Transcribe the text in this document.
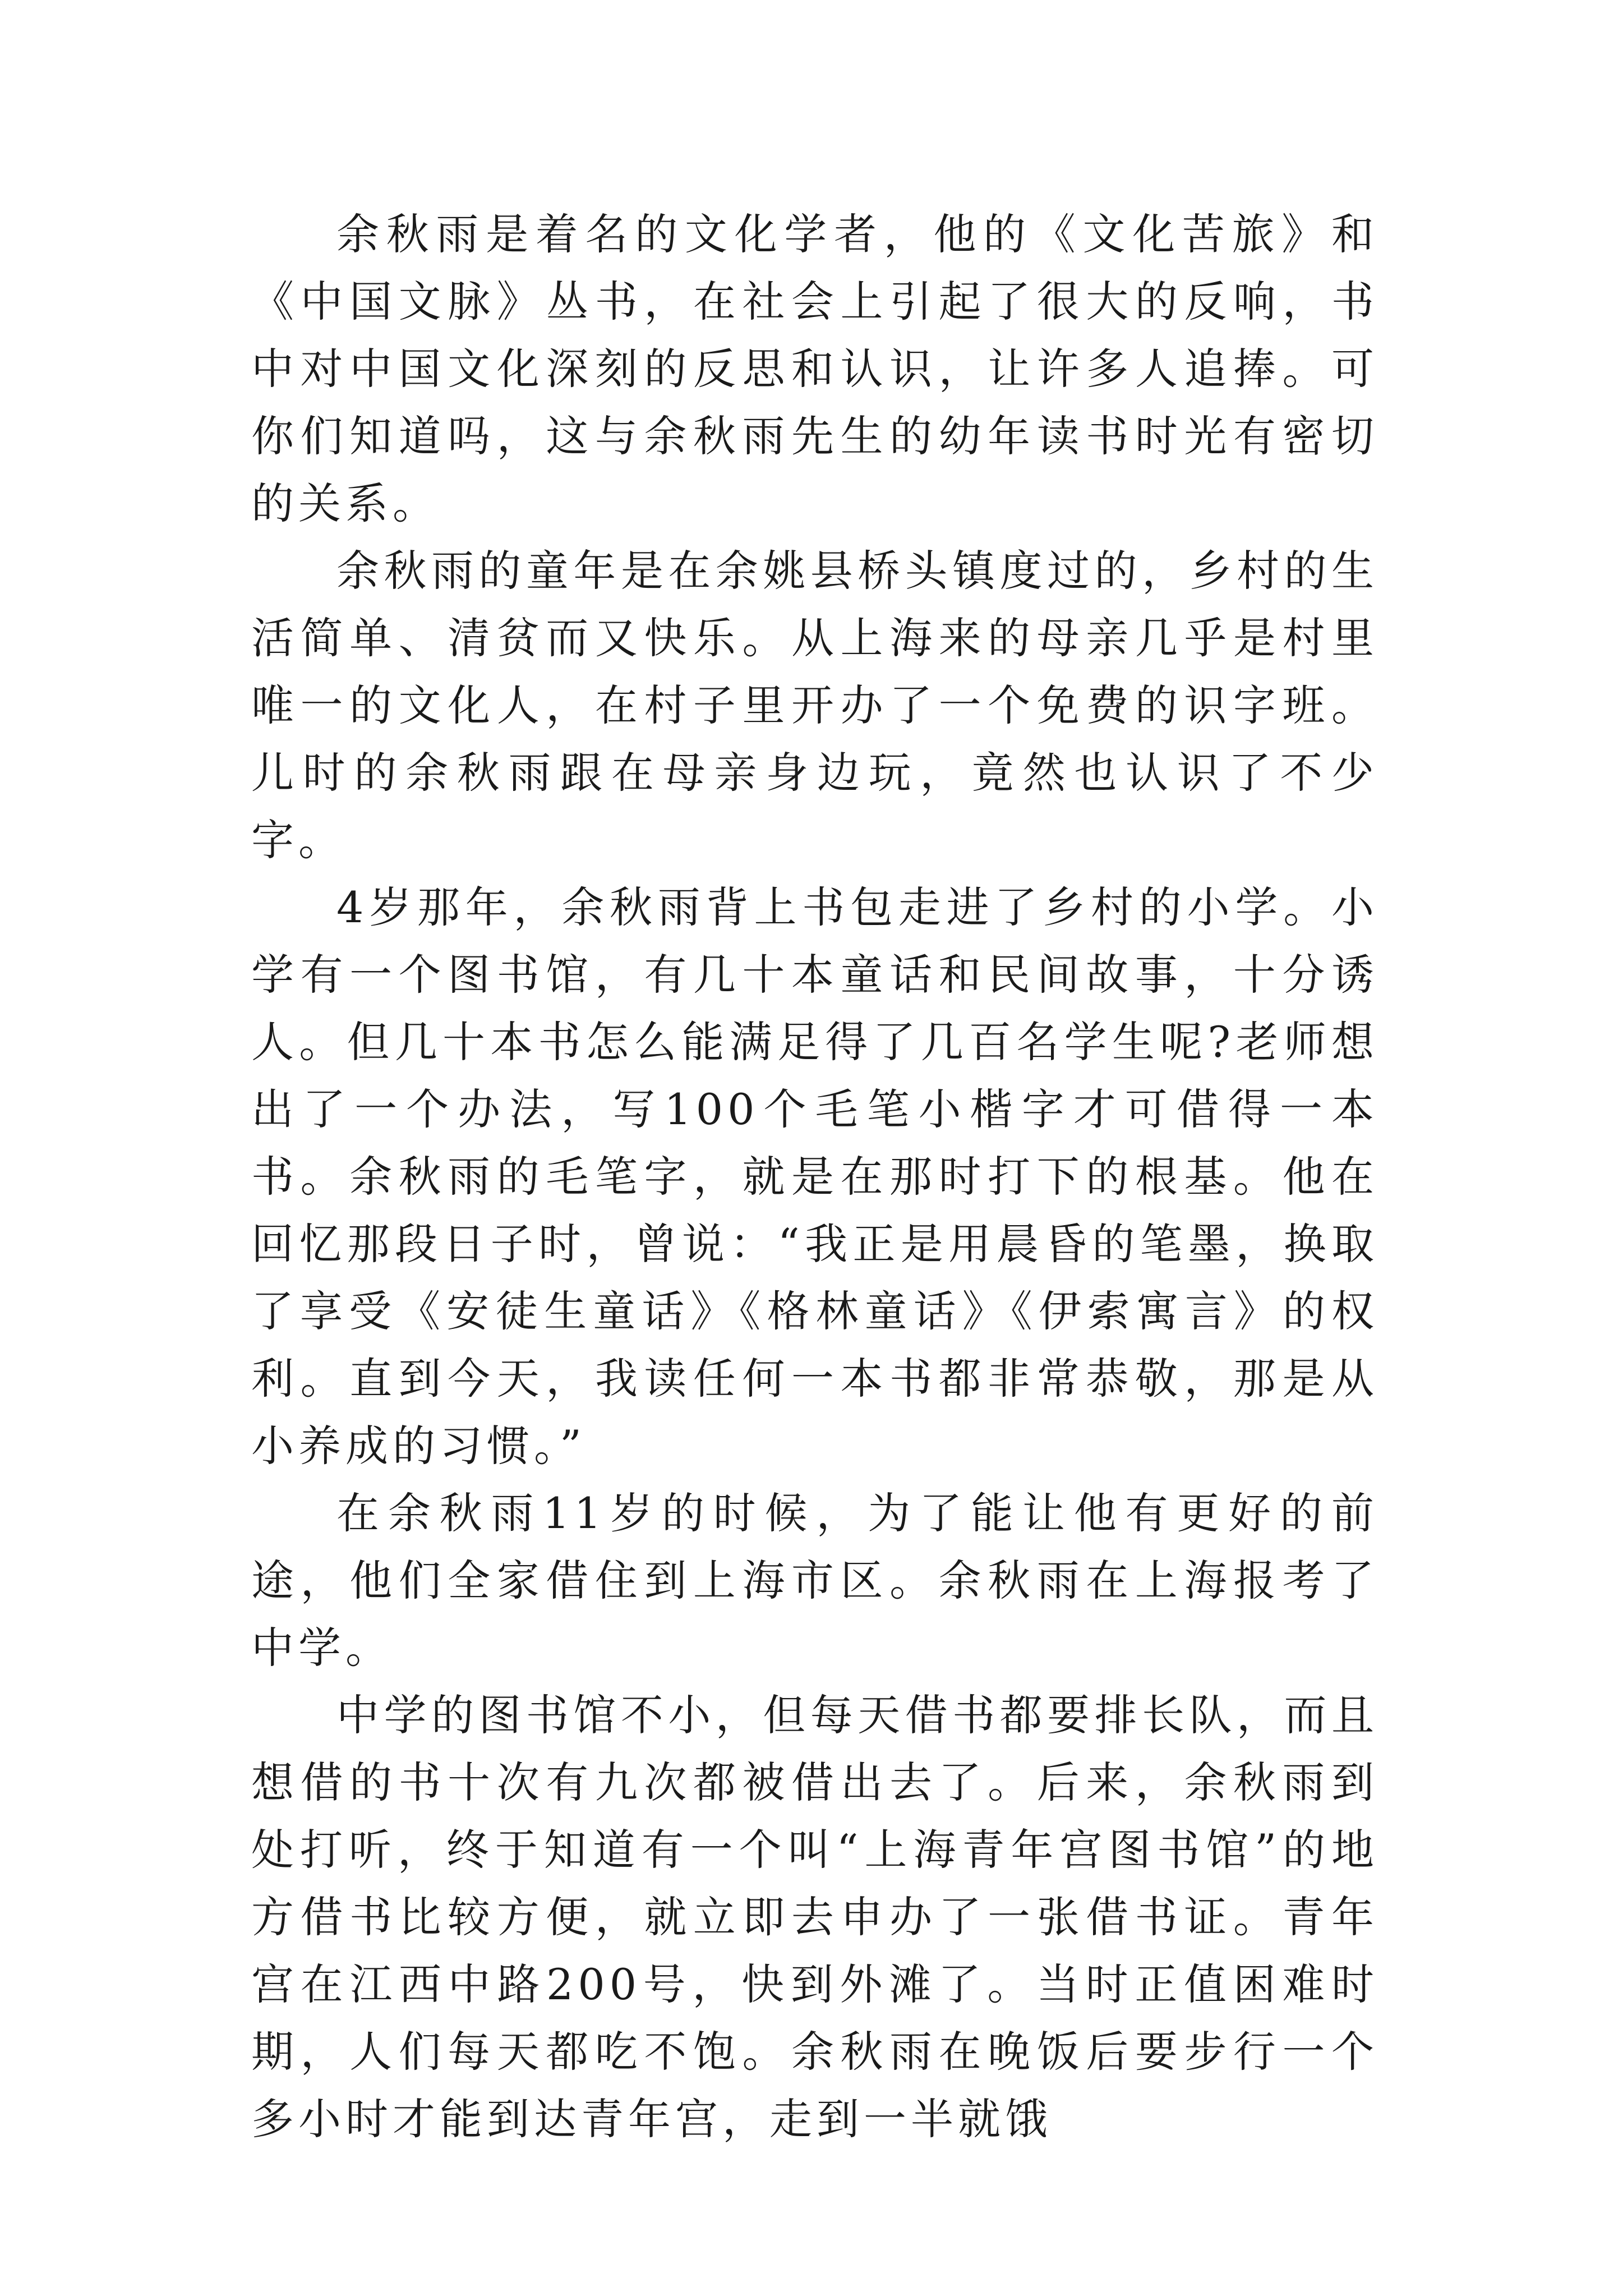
余秋雨是着名的文化学者，他的《文化苦旅》和《中国文脉》丛书，在社会上引起了很大的反响，书中对中国文化深刻的反思和认识，让许多人追捧。可你们知道吗，这与余秋雨先生的幼年读书时光有密切的关系。

余秋雨的童年是在余姚县桥头镇度过的，乡村的生活简单、清贫而又快乐。从上海来的母亲几乎是村里唯一的文化人，在村子里开办了一个免费的识字班。儿时的余秋雨跟在母亲身边玩，竟然也认识了不少字。

4岁那年，余秋雨背上书包走进了乡村的小学。小学有一个图书馆，有几十本童话和民间故事，十分诱人。但几十本书怎么能满足得了几百名学生呢?老师想出了一个办法，写100个毛笔小楷字才可借得一本书。余秋雨的毛笔字，就是在那时打下的根基。他在回忆那段日子时，曾说：“我正是用晨昏的笔墨，换取了享受《安徒生童话》《格林童话》《伊索寓言》的权利。直到今天，我读任何一本书都非常恭敬，那是从小养成的习惯。”

在余秋雨11岁的时候，为了能让他有更好的前途，他们全家借住到上海市区。余秋雨在上海报考了中学。

中学的图书馆不小，但每天借书都要排长队，而且想借的书十次有九次都被借出去了。后来，余秋雨到处打听，终于知道有一个叫“上海青年宫图书馆”的地方借书比较方便，就立即去申办了一张借书证。青年宫在江西中路200号，快到外滩了。当时正值困难时期，人们每天都吃不饱。余秋雨在晚饭后要步行一个多小时才能到达青年宫，走到一半就饿
